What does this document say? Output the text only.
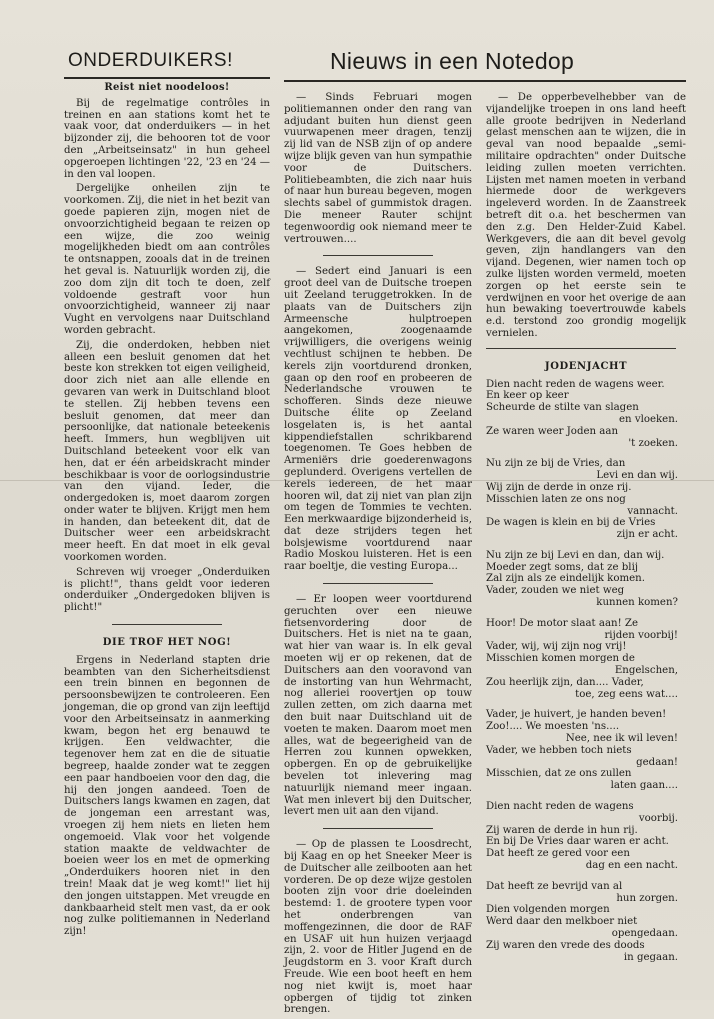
ONDERDUIKERS!	Nieuws in een Notedop
Reist niet noodeloos!

Bij de regelmatige contrôles in treinen en aan stations komt het te vaak voor, dat onderduikers — in het bijzonder zij, die behooren tot de voor den „Arbeitseinsatz" in hun geheel opgeroepen lichtingen '22, '23 en '24 — in den val loopen.

Dergelijke onheilen zijn te voorkomen. Zij, die niet in het bezit van goede papieren zijn, mogen niet de onvoorzichtigheid begaan te reizen op een wijze, die zoo weinig mogelijkheden biedt om aan contrôles te ontsnappen, zooals dat in de treinen het geval is. Natuurlijk worden zij, die zoo dom zijn dit toch te doen, zelf voldoende gestraft voor hun onvoorzichtigheid, wanneer zij naar Vught en vervolgens naar Duitschland worden gebracht.

Zij, die onderdoken, hebben niet alleen een besluit genomen dat het beste kon strekken tot eigen veiligheid, door zich niet aan alle ellende en gevaren van werk in Duitschland bloot te stellen. Zij hebben tevens een besluit genomen, dat meer dan persoonlijke, dat nationale beteekenis heeft. Immers, hun wegblijven uit Duitschland beteekent voor elk van hen, dat er één arbeidskracht minder beschikbaar is voor de oorlogsindustrie van den vijand. Ieder, die ondergedoken is, moet daarom zorgen onder water te blijven. Krijgt men hem in handen, dan beteekent dit, dat de Duitscher weer een arbeidskracht meer heeft. En dat moet in elk geval voorkomen worden.

Schreven wij vroeger „Onderduiken is plicht!", thans geldt voor iederen onderduiker „Ondergedoken blijven is plicht!"

DIE TROF HET NOG!

Ergens in Nederland stapten drie beambten van den Sicherheitsdienst een trein binnen en begonnen de persoonsbewijzen te controleeren. Een jongeman, die op grond van zijn leeftijd voor den Arbeitseinsatz in aanmerking kwam, begon het erg benauwd te krijgen. Een veldwachter, die tegenover hem zat en die de situatie begreep, haalde zonder wat te zeggen een paar handboeien voor den dag, die hij den jongen aandeed. Toen de Duitschers langs kwamen en zagen, dat de jongeman een arrestant was, vroegen zij hem niets en lieten hem ongemoeid. Vlak voor het volgende station maakte de veldwachter de boeien weer los en met de opmerking „Onderduikers hooren niet in den trein! Maak dat je weg komt!" liet hij den jongen uitstappen. Met vreugde en dankbaarheid stelt men vast, da er ook nog zulke politiemannen in Nederland zijn!

— Sinds Februari mogen politiemannen onder den rang van adjudant buiten hun dienst geen vuurwapenen meer dragen, tenzij zij lid van de NSB zijn of op andere wijze blijk geven van hun sympathie voor de Duitschers. Politiebeambten, die zich naar huis of naar hun bureau begeven, mogen slechts sabel of gummistok dragen. Die meneer Rauter schijnt tegenwoordig ook niemand meer te vertrouwen....

— Sedert eind Januari is een groot deel van de Duitsche troepen uit Zeeland teruggetrokken. In de plaats van de Duitschers zijn Armeensche hulptroepen aangekomen, zoogenaamde vrijwilligers, die overigens weinig vechtlust schijnen te hebben. De kerels zijn voortdurend dronken, gaan op den roof en probeeren de Nederlandsche vrouwen te schofferen. Sinds deze nieuwe Duitsche élite op Zeeland losgelaten is, is het aantal kippendiefstallen schrikbarend toegenomen. Te Goes hebben de Armeniërs drie goederenwagons geplunderd. Overigens vertellen de kerels iedereen, de het maar hooren wil, dat zij niet van plan zijn om tegen de Tommies te vechten. Een merkwaardige bijzonderheid is, dat deze strijders tegen het bolsjewisme voortdurend naar Radio Moskou luisteren. Het is een raar boeltje, die vesting Europa...

— Er loopen weer voortdurend geruchten over een nieuwe fietsenvordering door de Duitschers. Het is niet na te gaan, wat hier van waar is. In elk geval moeten wij er op rekenen, dat de Duitschers aan den vooravond van de instorting van hun Wehrmacht, nog alleriei roovertjen op touw zullen zetten, om zich daarna met den buit naar Duitschland uit de voeten te maken. Daarom moet men alles, wat de begeerigheid van de Herren zou kunnen opwekken, opbergen. En op de gebruikelijke bevelen tot inlevering mag natuurlijk niemand meer ingaan. Wat men inlevert bij den Duitscher, levert men uit aan den vijand.

— Op de plassen te Loosdrecht, bij Kaag en op het Sneeker Meer is de Duitscher alle zeilbooten aan het vorderen. De op deze wijze gestolen booten zijn voor drie doeleinden bestemd: 1. de grootere typen voor het onderbrengen van moffengezinnen, die door de RAF en USAF uit hun huizen verjaagd zijn, 2. voor de Hitler Jugend en de Jeugdstorm en 3. voor Kraft durch Freude. Wie een boot heeft en hem nog niet kwijt is, moet haar opbergen of tijdig tot zinken brengen.

— De opperbevelhebber van de vijandelijke troepen in ons land heeft alle groote bedrijven in Nederland gelast menschen aan te wijzen, die in geval van nood bepaalde „semi-militaire opdrachten" onder Duitsche leiding zullen moeten verrichten. Lijsten met namen moeten in verband hiermede door de werkgevers ingeleverd worden. In de Zaanstreek betreft dit o.a. het beschermen van den z.g. Den Helder-Zuid Kabel. Werkgevers, die aan dit bevel gevolg geven, zijn handlangers van den vijand. Degenen, wier namen toch op zulke lijsten worden vermeld, moeten zorgen op het eerste sein te verdwijnen en voor het overige de aan hun bewaking toevertrouwde kabels e.d. terstond zoo grondig mogelijk vernielen.

JODENJACHT
Dien nacht reden de wagens weer.
En keer op keer
Scheurde de stilte van slagen
en vloeken.
Ze waren weer Joden aan
't zoeken.
Nu zijn ze bij de Vries, dan
Levi en dan wij.
Wij zijn de derde in onze rij.
Misschien laten ze ons nog
vannacht.
De wagen is klein en bij de Vries
zijn er acht.
Nu zijn ze bij Levi en dan, dan wij.
Moeder zegt soms, dat ze blij
Zal zijn als ze eindelijk komen.
Vader, zouden we niet weg
kunnen komen?
Hoor! De motor slaat aan! Ze
rijden voorbij!
Vader, wij, wij zijn nog vrij!
Misschien komen morgen de
Engelschen,
Zou heerlijk zijn, dan.... Vader,
toe, zeg eens wat....
Vader, je huivert, je handen beven!
Zoo!.... We moesten 'ns....
Nee, nee ik wil leven!
Vader, we hebben toch niets
gedaan!
Misschien, dat ze ons zullen
laten gaan....
Dien nacht reden de wagens
voorbij.
Zij waren de derde in hun rij.
En bij De Vries daar waren er acht.
Dat heeft ze gered voor een
dag en een nacht.
Dat heeft ze bevrijd van al
hun zorgen.
Dien volgenden morgen
Werd daar den melkboer niet
opengedaan.
Zij waren den vrede des doods
in gegaan.
